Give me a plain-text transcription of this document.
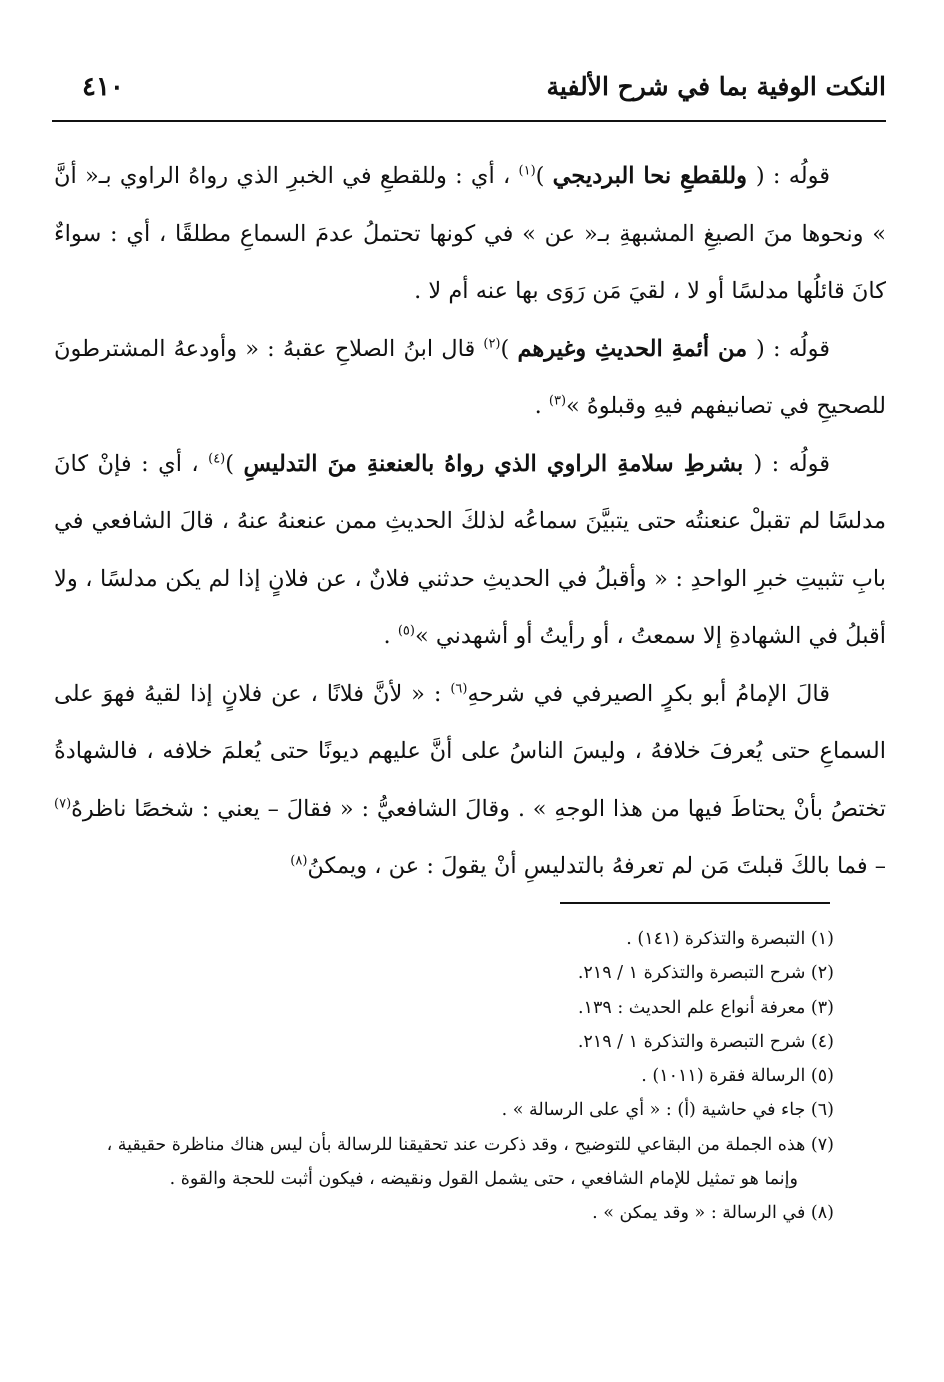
النكت الوفية بما في شرح الألفية
٤١٠

قولُه : ( وللقطعِ نحا البرديجي )$^{(١)}$ ، أي : وللقطعِ في الخبرِ الذي رواهُ الراوي بـ« أنَّ » ونحوها منَ الصيغِ المشبهةِ بـ« عن » في كونها تحتملُ عدمَ السماعِ مطلقًا ، أي : سواءٌ كانَ قائلُها مدلسًا أو لا ، لقيَ مَن رَوَى بها عنه أم لا .

قولُه : ( من أئمةِ الحديثِ وغيرهم )$^{(٢)}$ قال ابنُ الصلاحِ عقبهُ : « وأودعهُ المشترطونَ للصحيحِ في تصانيفهم فيهِ وقبلوهُ »$^{(٣)}$ .

قولُه : ( بشرطِ سلامةِ الراوي الذي رواهُ بالعنعنةِ منَ التدليسِ )$^{(٤)}$ ، أي : فإنْ كانَ مدلسًا لم تقبلْ عنعنتُه حتى يتبيَّنَ سماعُه لذلكَ الحديثِ ممن عنعنهُ عنهُ ، قالَ الشافعي في بابِ تثبيتِ خبرِ الواحدِ : « وأقبلُ في الحديثِ حدثني فلانٌ ، عن فلانٍ إذا لم يكن مدلسًا ، ولا أقبلُ في الشهادةِ إلا سمعتُ ، أو رأيتُ أو أشهدني »$^{(٥)}$ .

قالَ الإمامُ أبو بكرٍ الصيرفي في شرحهِ$^{(٦)}$ : « لأنَّ فلانًا ، عن فلانٍ إذا لقيهُ فهوَ على السماعِ حتى يُعرفَ خلافهُ ، وليسَ الناسُ على أنَّ عليهم ديونًا حتى يُعلمَ خلافه ، فالشهادةُ تختصُ بأنْ يحتاطَ فيها من هذا الوجهِ » . وقالَ الشافعيُّ : « فقالَ – يعني : شخصًا ناظرهُ$^{(٧)}$ – فما بالكَ قبلتَ مَن لم تعرفهُ بالتدليسِ أنْ يقولَ : عن ، ويمكنُ$^{(٨)}$

(١) التبصرة والتذكرة (١٤١) .
(٢) شرح التبصرة والتذكرة ١ / ٢١٩.
(٣) معرفة أنواع علم الحديث : ١٣٩.
(٤) شرح التبصرة والتذكرة ١ / ٢١٩.
(٥) الرسالة فقرة (١٠١١) .
(٦) جاء في حاشية (أ) : « أي على الرسالة » .
(٧) هذه الجملة من البقاعي للتوضيح ، وقد ذكرت عند تحقيقنا للرسالة بأن ليس هناك مناظرة حقيقية ،
وإنما هو تمثيل للإمام الشافعي ، حتى يشمل القول ونقيضه ، فيكون أثبت للحجة والقوة .
(٨) في الرسالة : « وقد يمكن » .
